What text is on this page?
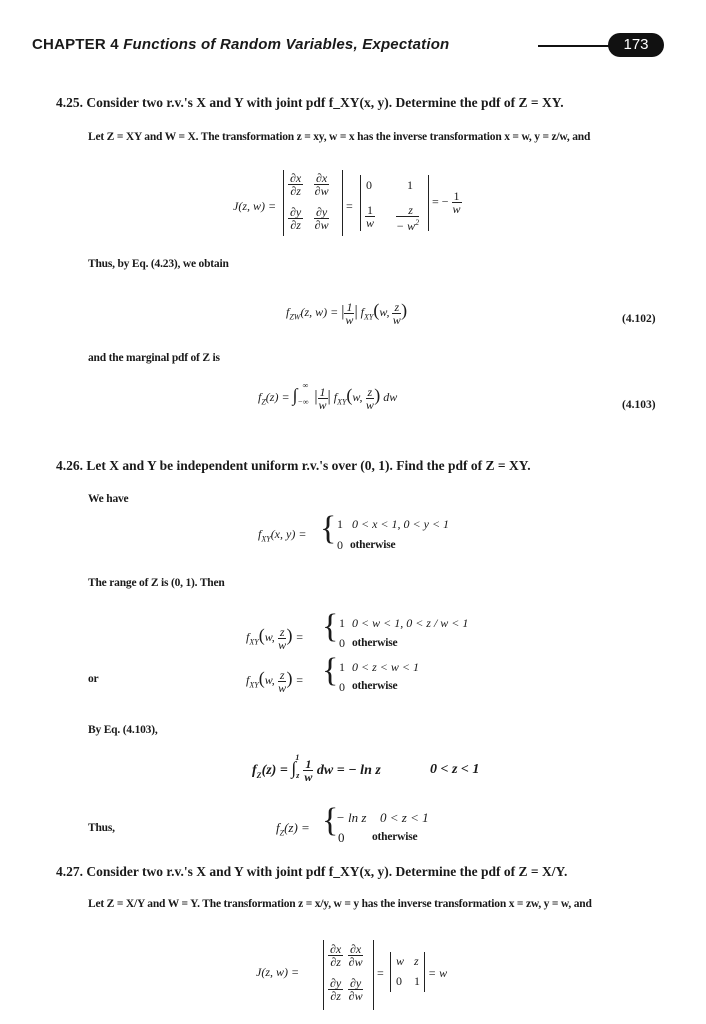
CHAPTER 4 Functions of Random Variables, Expectation	173
4.25. Consider two r.v.'s X and Y with joint pdf f_XY(x, y). Determine the pdf of Z = XY.
Let Z = XY and W = X. The transformation z = xy, w = x has the inverse transformation x = w, y = z/w, and
J(z, w) =
$\frac{\partial x}{\partial z} \frac{\partial x}{\partial w}$
$\frac{\partial y}{\partial z} \frac{\partial y}{\partial w}$ =
0	1
$\frac{1}{w} \frac{z}{- w^2}$
= − $\frac{1}{w}$
Thus, by Eq. (4.23), we obtain
$f_{ZW}(z$, w) = | $\frac{1}{w}$ | $f_{XY}(w$, $\frac{z}{w}$ )	(4.102)
and the marginal pdf of Z is
$f_Z(z) = \int_{-\infty}^\infty| \frac{1}{w}$ | $f_{XY}(w$, $\frac{z}{w}$ ) dw
(4.103)
4.26. Let X and Y be independent uniform r.v.'s over (0, 1). Find the pdf of Z = XY.
We have
$f_{XY}(x$, y) = { 1 0 < x < 1, 0 < y < 1
0 otherwise
The range of Z is (0, 1). Then
$f_{XY}(w$, $\frac{z}{w}$ ) = { 1 0 < w < 1, 0 < z / w < 1
0 otherwise
or	$f_{XY}(w$, $\frac{z}{w}$ ) = { 1 0 < z < w < 1
0 otherwise
By Eq. (4.103),
$f_Z(z) = \int_z^1$
$\frac{1}{w}$ dw = − ln z	0 < z < 1
Thus,	$f_Z(z)$ = {
− ln z 0 < z < 1
0 otherwise
4.27. Consider two r.v.'s X and Y with joint pdf f_XY(x, y). Determine the pdf of Z = X/Y.
Let Z = X/Y and W = Y. The transformation z = x/y, w = y has the inverse transformation x = zw, y = w, and
J(z, w) =
$\frac{\partial x}{\partial z} \frac{\partial x}{\partial w}$
$\frac{\partial y}{\partial z} \frac{\partial y}{\partial w}$
=
w z
0 1
= w
